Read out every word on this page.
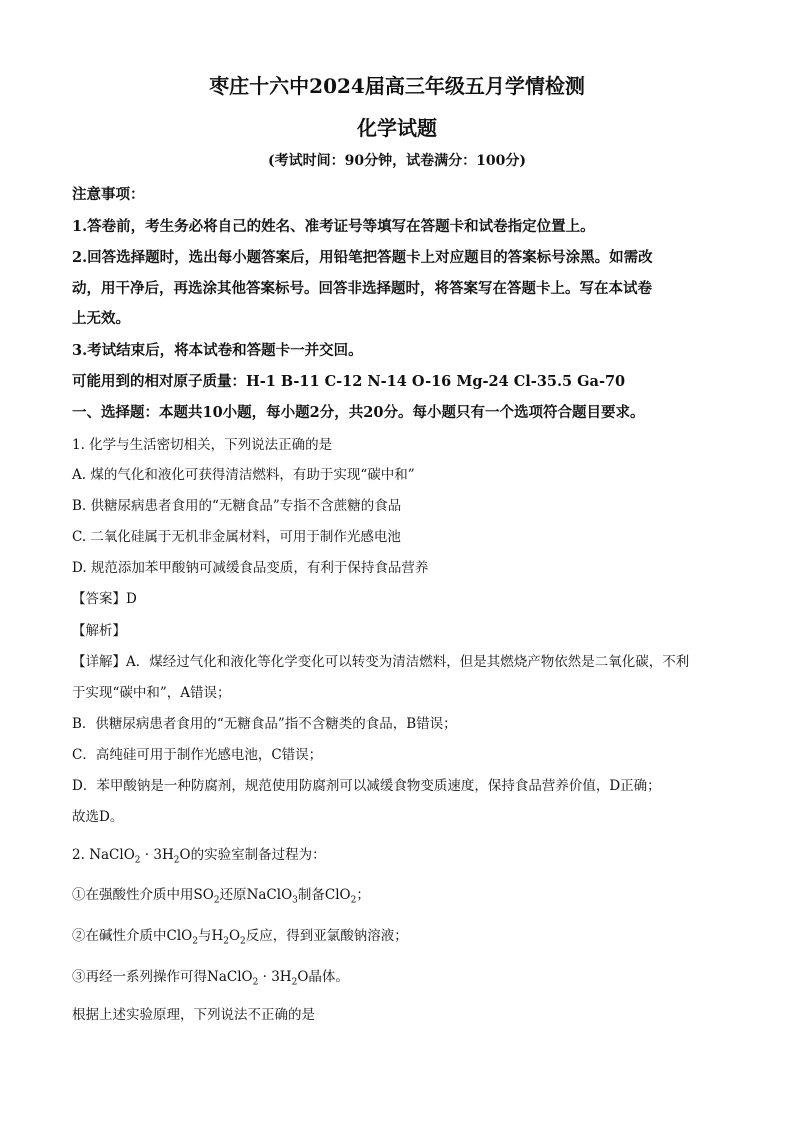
枣庄十六中2024届高三年级五月学情检测
化学试题
(考试时间：90分钟，试卷满分：100分)
注意事项：
1.答卷前，考生务必将自己的姓名、准考证号等填写在答题卡和试卷指定位置上。
2.回答选择题时，选出每小题答案后，用铅笔把答题卡上对应题目的答案标号涂黑。如需改
动，用干净后，再选涂其他答案标号。回答非选择题时，将答案写在答题卡上。写在本试卷
上无效。
3.考试结束后，将本试卷和答题卡一并交回。
可能用到的相对原子质量：H-1 B-11 C-12 N-14 O-16 Mg-24 Cl-35.5 Ga-70
一、选择题：本题共10小题，每小题2分，共20分。每小题只有一个选项符合题目要求。
1. 化学与生活密切相关，下列说法正确的是
A. 煤的气化和液化可获得清洁燃料，有助于实现“碳中和”
B. 供糖尿病患者食用的“无糖食品”专指不含蔗糖的食品
C. 二氧化硅属于无机非金属材料，可用于制作光感电池
D. 规范添加苯甲酸钠可减缓食品变质，有利于保持食品营养
【答案】D
【解析】
【详解】A．煤经过气化和液化等化学变化可以转变为清洁燃料，但是其燃烧产物依然是二氧化碳，不利
于实现“碳中和”，A错误；
B．供糖尿病患者食用的“无糖食品”指不含糖类的食品，B错误；
C．高纯硅可用于制作光感电池，C错误；
D．苯甲酸钠是一种防腐剂，规范使用防腐剂可以减缓食物变质速度，保持食品营养价值，D正确；
故选D。
2. NaClO$_2$ · $3H_2O$的实验室制备过程为：
①在强酸性介质中用$SO_2$还原NaClO$_3$制备ClO$_2$；
②在碱性介质中ClO$_2$与$H_2O_2$反应，得到亚氯酸钠溶液；
③再经一系列操作可得NaClO$_2$ · $3H_2O$晶体。
根据上述实验原理，下列说法不正确的是
